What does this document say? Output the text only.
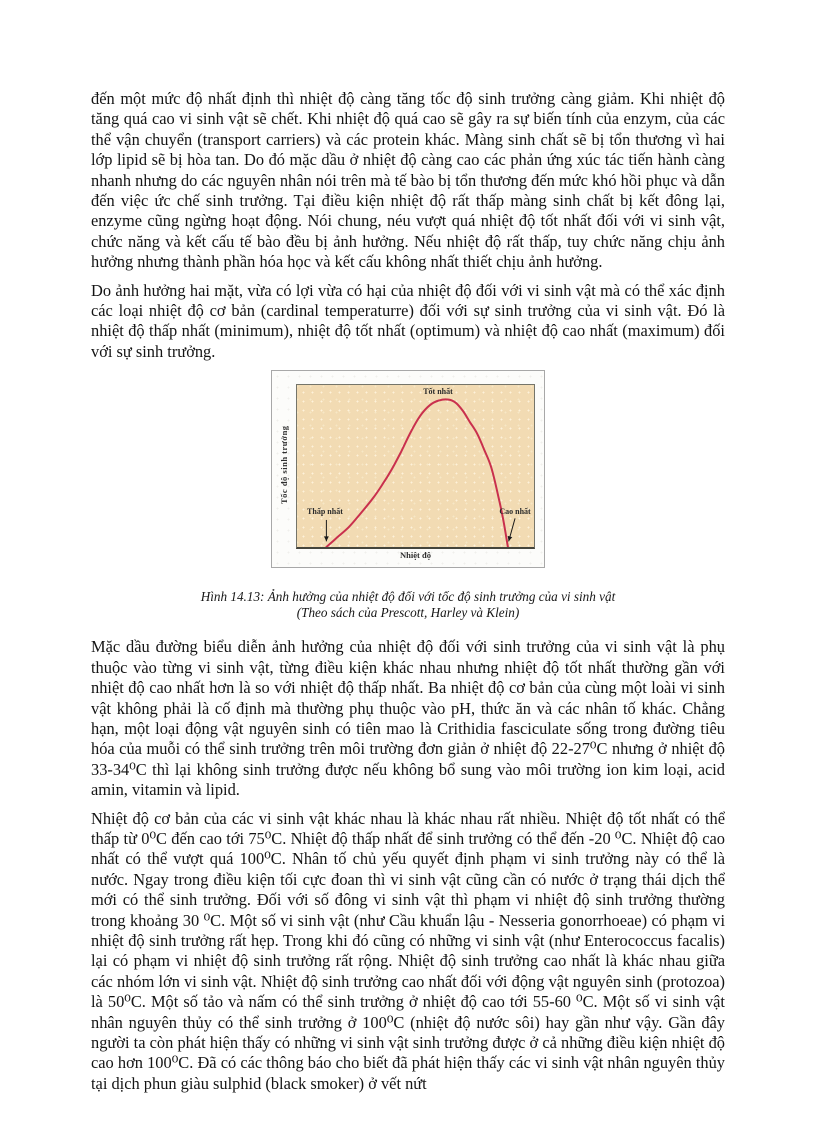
đến một mức độ nhất định thì nhiệt độ càng tăng tốc độ sinh trưởng càng giảm. Khi nhiệt độ tăng quá cao vi sinh vật sẽ chết. Khi nhiệt độ quá cao sẽ gây ra sự biến tính của enzym, của các thể vận chuyển (transport carriers) và các protein khác. Màng sinh chất sẽ bị tổn thương vì hai lớp lipid sẽ bị hòa tan. Do đó mặc dầu ở nhiệt độ càng cao các phản ứng xúc tác tiến hành càng nhanh nhưng do các nguyên nhân nói trên mà tế bào bị tổn thương đến mức khó hồi phục và dẫn đến việc ức chế sinh trưởng. Tại điều kiện nhiệt độ rất thấp màng sinh chất bị kết đông lại, enzyme cũng ngừng hoạt động. Nói chung, néu vượt quá nhiệt độ tốt nhất đối với vi sinh vật, chức năng và kết cấu tế bào đều bị ảnh hưởng. Nếu nhiệt độ rất thấp, tuy chức năng chịu ảnh hưởng nhưng thành phần hóa học và kết cấu không nhất thiết chịu ảnh hưởng.

Do ảnh hưởng hai mặt, vừa có lợi vừa có hại của nhiệt độ đối với vi sinh vật mà có thể xác định các loại nhiệt độ cơ bản (cardinal temperaturre) đối với sự sinh trưởng của vi sinh vật. Đó là nhiệt độ thấp nhất (minimum), nhiệt độ tốt nhất (optimum) và nhiệt độ cao nhất (maximum) đối với sự sinh trưởng.

Tốc độ sinh trưởng
Thấp nhất
Tốt nhất
Cao nhất
Nhiệt độ
Hình 14.13: Ảnh hưởng của nhiệt độ đối với tốc độ sinh trưởng của vi sinh vật
(Theo sách của Prescott, Harley và Klein)

Mặc dầu đường biểu diễn ảnh hưởng của nhiệt độ đối với sinh trưởng của vi sinh vật là phụ thuộc vào từng vi sinh vật, từng điều kiện khác nhau nhưng nhiệt độ tốt nhất thường gần với nhiệt độ cao nhất hơn là so với nhiệt độ thấp nhất. Ba nhiệt độ cơ bản của cùng một loài vi sinh vật không phải là cố định mà thường phụ thuộc vào pH, thức ăn và các nhân tố khác. Chẳng hạn, một loại động vật nguyên sinh có tiên mao là Crithidia fasciculate sống trong đường tiêu hóa của muỗi có thể sinh trưởng trên môi trường đơn giản ở nhiệt độ 22-27⁰C nhưng ở nhiệt độ 33-34⁰C thì lại không sinh trưởng được nếu không bổ sung vào môi trường ion kim loại, acid amin, vitamin và lipid.

Nhiệt độ cơ bản của các vi sinh vật khác nhau là khác nhau rất nhiều. Nhiệt độ tốt nhất có thể thấp từ 0⁰C đến cao tới 75⁰C. Nhiệt độ thấp nhất để sinh trưởng có thể đến -20 ⁰C. Nhiệt độ cao nhất có thể vượt quá 100⁰C. Nhân tố chủ yếu quyết định phạm vi sinh trưởng này có thể là nước. Ngay trong điều kiện tối cực đoan thì vi sinh vật cũng cần có nước ở trạng thái dịch thể mới có thể sinh trưởng. Đối với số đông vi sinh vật thì phạm vi nhiệt độ sinh trưởng thường trong khoảng 30 ⁰C. Một số vi sinh vật (như Cầu khuẩn lậu - Nesseria gonorrhoeae) có phạm vi nhiệt độ sinh trưởng rất hẹp. Trong khi đó cũng có những vi sinh vật (như Enterococcus facalis) lại có phạm vi nhiệt độ sinh trưởng rất rộng. Nhiệt độ sinh trưởng cao nhất là khác nhau giữa các nhóm lớn vi sinh vật. Nhiệt độ sinh trưởng cao nhất đối với động vật nguyên sinh (protozoa) là 50⁰C. Một số tảo và nấm có thể sinh trưởng ở nhiệt độ cao tới 55-60 ⁰C. Một số vi sinh vật nhân nguyên thủy có thể sinh trưởng ở 100⁰C (nhiệt độ nước sôi) hay gần như vậy. Gần đây người ta còn phát hiện thấy có những vi sinh vật sinh trưởng được ở cả những điều kiện nhiệt độ cao hơn 100⁰C. Đã có các thông báo cho biết đã phát hiện thấy các vi sinh vật nhân nguyên thủy tại dịch phun giàu sulphid (black smoker) ở vết nứt
